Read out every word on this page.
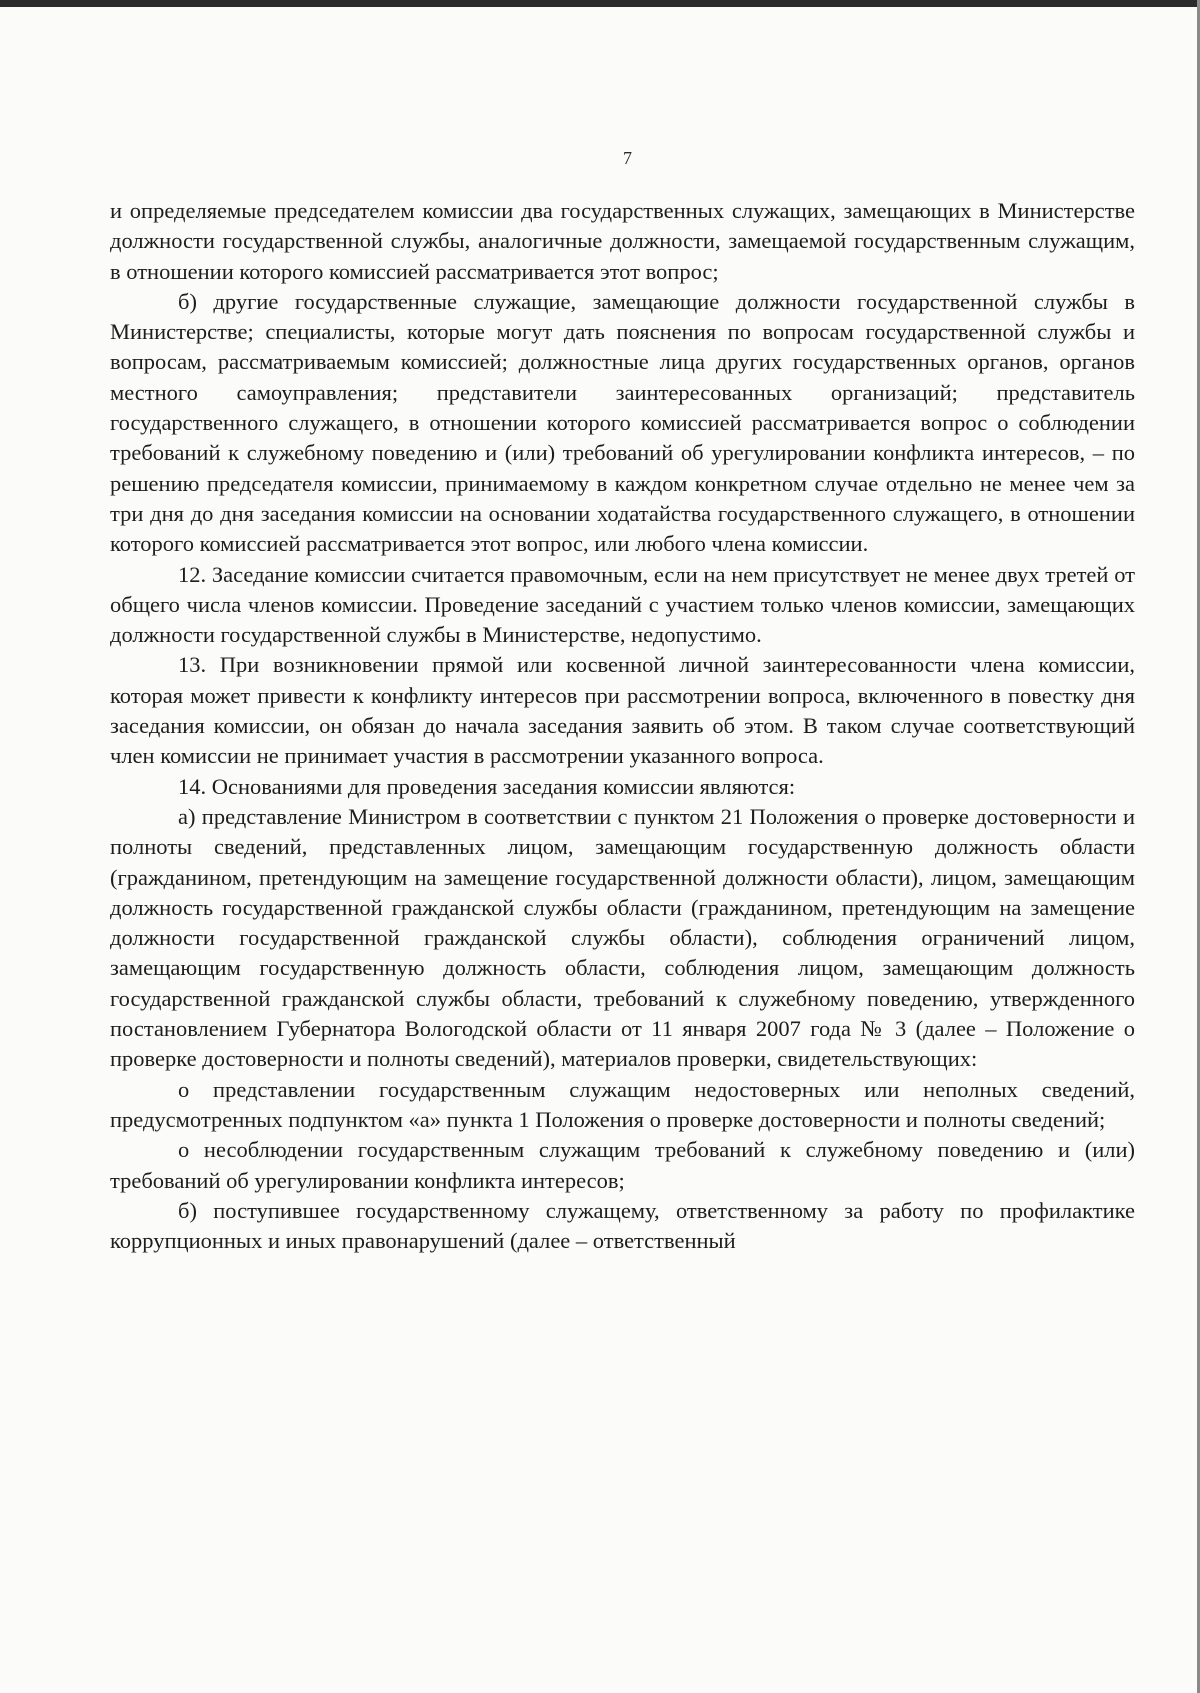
7

и определяемые председателем комиссии два государственных служащих, замещающих в Министерстве должности государственной службы, аналогичные должности, замещаемой государственным служащим, в отношении которого комиссией рассматривается этот вопрос;

б) другие государственные служащие, замещающие должности государственной службы в Министерстве; специалисты, которые могут дать пояснения по вопросам государственной службы и вопросам, рассматриваемым комиссией; должностные лица других государственных органов, органов местного самоуправления; представители заинтересованных организаций; представитель государственного служащего, в отношении которого комиссией рассматривается вопрос о соблюдении требований к служебному поведению и (или) требований об урегулировании конфликта интересов, – по решению председателя комиссии, принимаемому в каждом конкретном случае отдельно не менее чем за три дня до дня заседания комиссии на основании ходатайства государственного служащего, в отношении которого комиссией рассматривается этот вопрос, или любого члена комиссии.

12. Заседание комиссии считается правомочным, если на нем присутствует не менее двух третей от общего числа членов комиссии. Проведение заседаний с участием только членов комиссии, замещающих должности государственной службы в Министерстве, недопустимо.

13. При возникновении прямой или косвенной личной заинтересованности члена комиссии, которая может привести к конфликту интересов при рассмотрении вопроса, включенного в повестку дня заседания комиссии, он обязан до начала заседания заявить об этом. В таком случае соответствующий член комиссии не принимает участия в рассмотрении указанного вопроса.

14. Основаниями для проведения заседания комиссии являются:

а) представление Министром в соответствии с пунктом 21 Положения о проверке достоверности и полноты сведений, представленных лицом, замещающим государственную должность области (гражданином, претендующим на замещение государственной должности области), лицом, замещающим должность государственной гражданской службы области (гражданином, претендующим на замещение должности государственной гражданской службы области), соблюдения ограничений лицом, замещающим государственную должность области, соблюдения лицом, замещающим должность государственной гражданской службы области, требований к служебному поведению, утвержденного постановлением Губернатора Вологодской области от 11 января 2007 года № 3 (далее – Положение о проверке достоверности и полноты сведений), материалов проверки, свидетельствующих:

о представлении государственным служащим недостоверных или неполных сведений, предусмотренных подпунктом «а» пункта 1 Положения о проверке достоверности и полноты сведений;

о несоблюдении государственным служащим требований к служебному поведению и (или) требований об урегулировании конфликта интересов;

б) поступившее государственному служащему, ответственному за работу по профилактике коррупционных и иных правонарушений (далее – ответственный
